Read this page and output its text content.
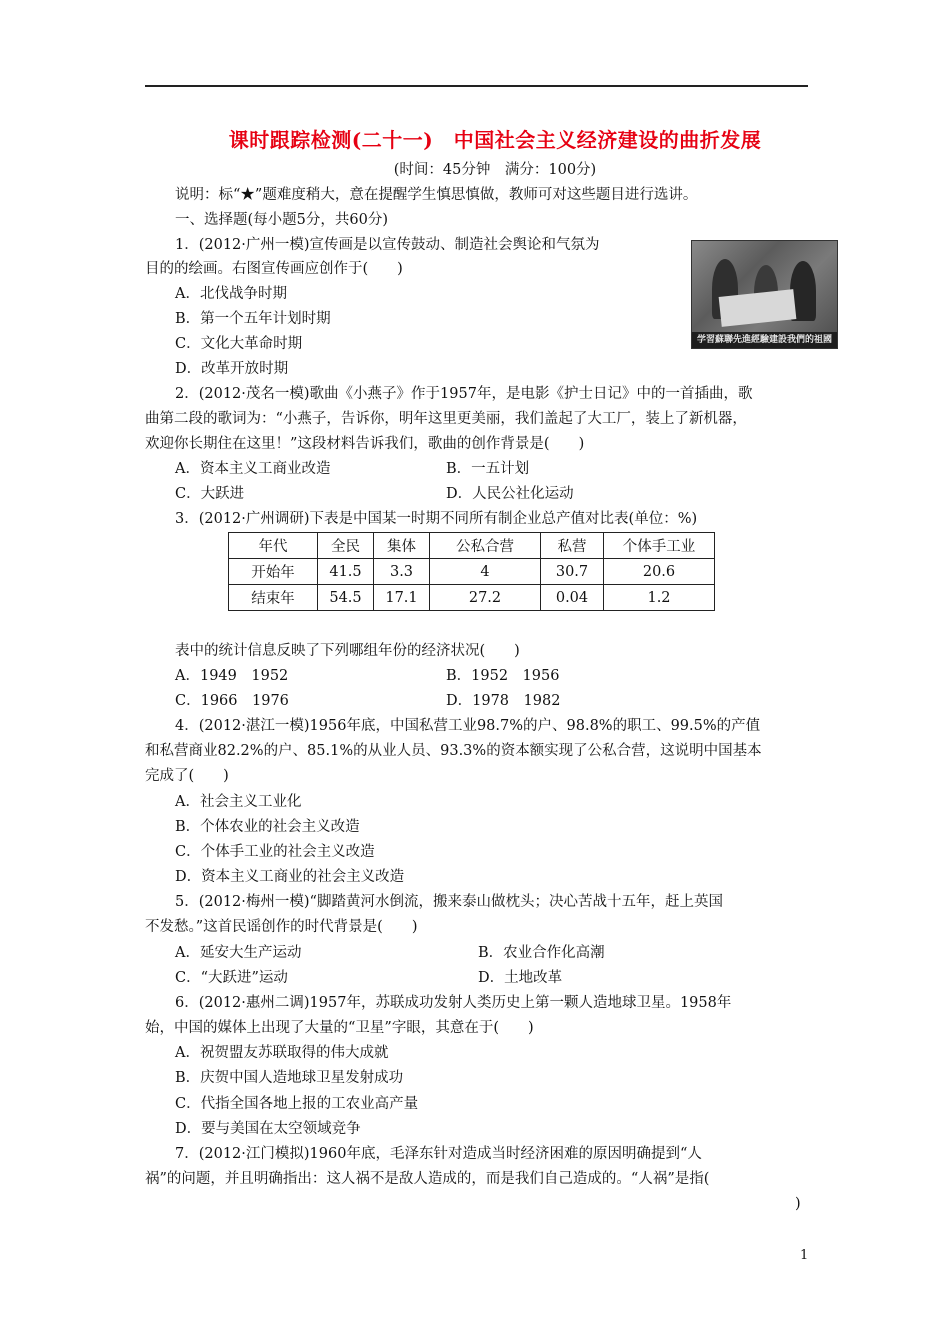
课时跟踪检测(二十一)　中国社会主义经济建设的曲折发展
(时间：45分钟　满分：100分)
说明：标“★”题难度稍大，意在提醒学生慎思慎做，教师可对这些题目进行选讲。
一、选择题(每小题5分，共60分)
1．(2012·广州一模)宣传画是以宣传鼓动、制造社会舆论和气氛为
目的的绘画。右图宣传画应创作于(　　)
A．北伐战争时期
B．第一个五年计划时期
C．文化大革命时期
D．改革开放时期
学習蘇聯先進經驗建設我們的祖國
2．(2012·茂名一模)歌曲《小燕子》作于1957年，是电影《护士日记》中的一首插曲，歌
曲第二段的歌词为：“小燕子，告诉你，明年这里更美丽，我们盖起了大工厂，装上了新机器，
欢迎你长期住在这里！”这段材料告诉我们，歌曲的创作背景是(　　)
A．资本主义工商业改造	B．一五计划
C．大跃进	D．人民公社化运动
3．(2012·广州调研)下表是中国某一时期不同所有制企业总产值对比表(单位：%)
年代	全民	集体	公私合营	私营	个体手工业
开始年	41.5	3.3	4	30.7	20.6
结束年	54.5	17.1	27.2	0.04	1.2
表中的统计信息反映了下列哪组年份的经济状况(　　)
A．1949　1952	B．1952　1956
C．1966　1976	D．1978　1982
4．(2012·湛江一模)1956年底，中国私营工业98.7%的户、98.8%的职工、99.5%的产值
和私营商业82.2%的户、85.1%的从业人员、93.3%的资本额实现了公私合营，这说明中国基本
完成了(　　)
A．社会主义工业化
B．个体农业的社会主义改造
C．个体手工业的社会主义改造
D．资本主义工商业的社会主义改造
5．(2012·梅州一模)“脚踏黄河水倒流，搬来泰山做枕头；决心苦战十五年，赶上英国
不发愁。”这首民谣创作的时代背景是(　　)
A．延安大生产运动	B．农业合作化高潮
C．“大跃进”运动	D．土地改革
6．(2012·惠州二调)1957年，苏联成功发射人类历史上第一颗人造地球卫星。1958年
始，中国的媒体上出现了大量的“卫星”字眼，其意在于(　　)
A．祝贺盟友苏联取得的伟大成就
B．庆贺中国人造地球卫星发射成功
C．代指全国各地上报的工农业高产量
D．要与美国在太空领域竞争
7．(2012·江门模拟)1960年底，毛泽东针对造成当时经济困难的原因明确提到“人
祸”的问题，并且明确指出：这人祸不是敌人造成的，而是我们自己造成的。“人祸”是指(
)
1
